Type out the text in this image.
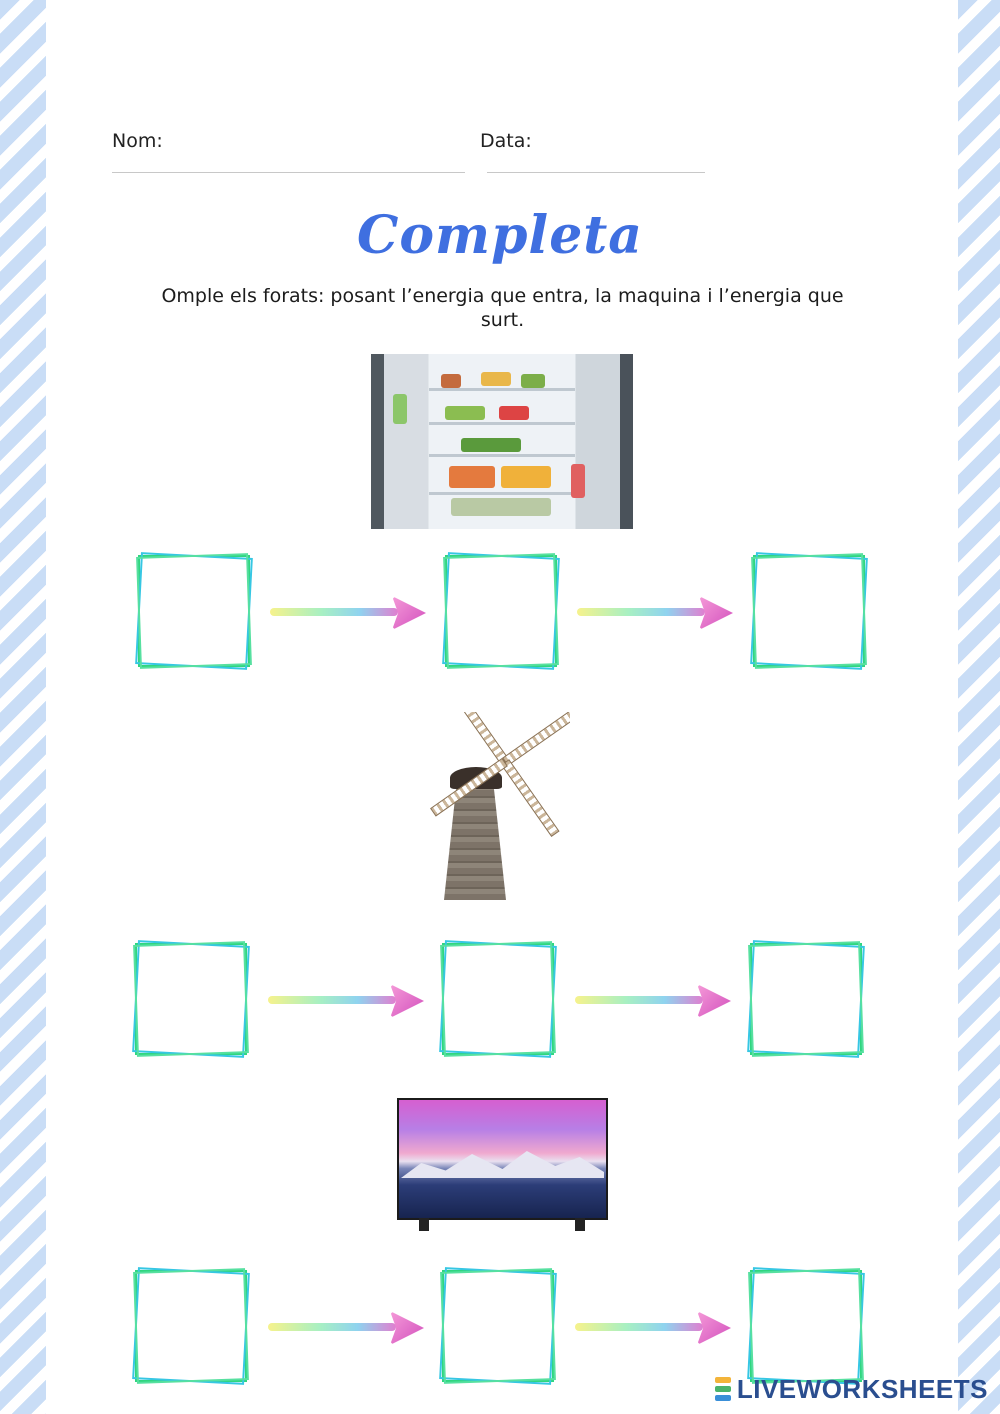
Nom:	Data:
Completa
Omple els forats: posant l’energia que entra, la maquina i l’energia que surt.
LIVEWORKSHEETS
